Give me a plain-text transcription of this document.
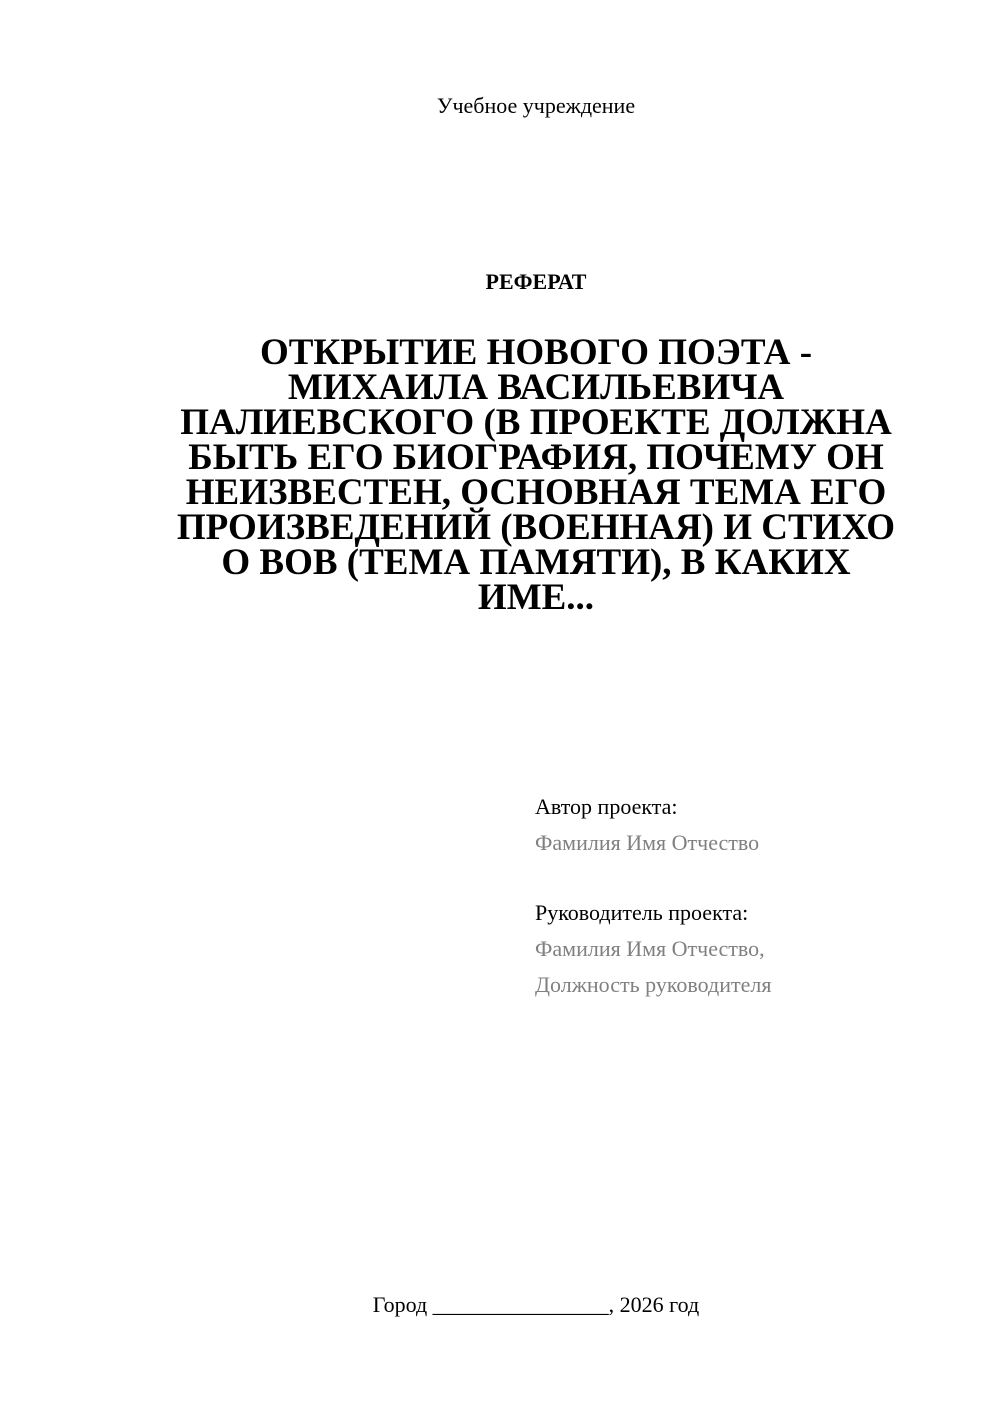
Учебное учреждение
РЕФЕРАТ
ОТКРЫТИЕ НОВОГО ПОЭТА -
МИХАИЛА ВАСИЛЬЕВИЧА
ПАЛИЕВСКОГО (В ПРОЕКТЕ ДОЛЖНА
БЫТЬ ЕГО БИОГРАФИЯ, ПОЧЕМУ ОН
НЕИЗВЕСТЕН, ОСНОВНАЯ ТЕМА ЕГО
ПРОИЗВЕДЕНИЙ (ВОЕННАЯ) И СТИХО
О ВОВ (ТЕМА ПАМЯТИ), В КАКИХ
ИМЕ...
Автор проекта:
Фамилия Имя Отчество
Руководитель проекта:
Фамилия Имя Отчество,
Должность руководителя
Город ________________, 2026 год
